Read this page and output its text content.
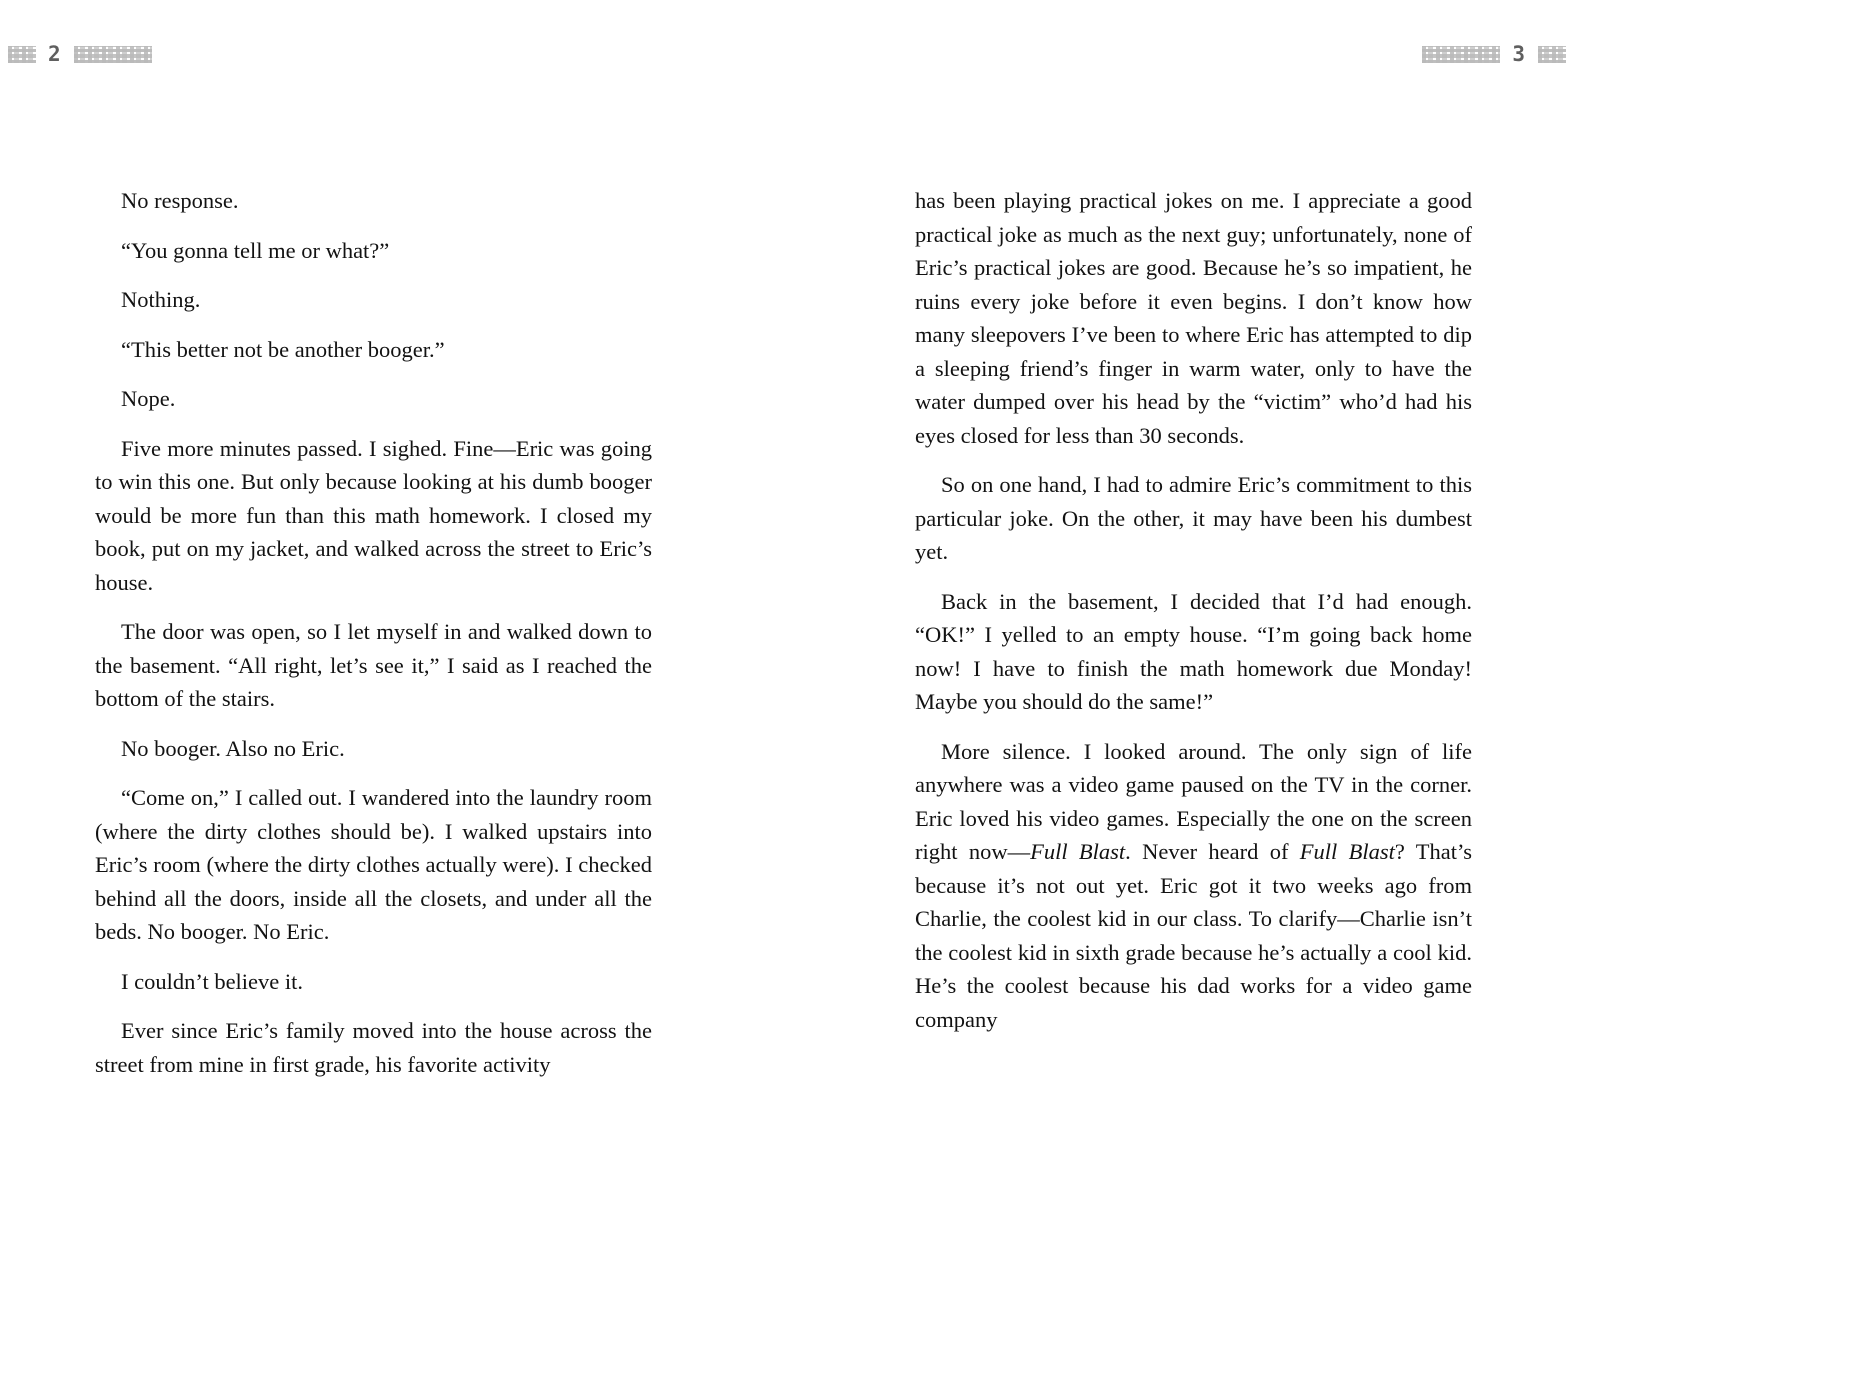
2	3

No response.

“You gonna tell me or what?”

Nothing.

“This better not be another booger.”

Nope.

Five more minutes passed. I sighed. Fine—Eric was going to win this one. But only because looking at his dumb booger would be more fun than this math homework. I closed my book, put on my jacket, and walked across the street to Eric’s house.

The door was open, so I let myself in and walked down to the basement. “All right, let’s see it,” I said as I reached the bottom of the stairs.

No booger. Also no Eric.

“Come on,” I called out. I wandered into the laundry room (where the dirty clothes should be). I walked upstairs into Eric’s room (where the dirty clothes actually were). I checked behind all the doors, inside all the closets, and under all the beds. No booger. No Eric.

I couldn’t believe it.

Ever since Eric’s family moved into the house across the street from mine in first grade, his favorite activity

has been playing practical jokes on me. I appreciate a good practical joke as much as the next guy; unfortunately, none of Eric’s practical jokes are good. Because he’s so impatient, he ruins every joke before it even begins. I don’t know how many sleepovers I’ve been to where Eric has attempted to dip a sleeping friend’s finger in warm water, only to have the water dumped over his head by the “victim” who’d had his eyes closed for less than 30 seconds.

So on one hand, I had to admire Eric’s commitment to this particular joke. On the other, it may have been his dumbest yet.

Back in the basement, I decided that I’d had enough. “OK!” I yelled to an empty house. “I’m going back home now! I have to finish the math homework due Monday! Maybe you should do the same!”

More silence. I looked around. The only sign of life anywhere was a video game paused on the TV in the corner. Eric loved his video games. Especially the one on the screen right now—Full Blast. Never heard of Full Blast? That’s because it’s not out yet. Eric got it two weeks ago from Charlie, the coolest kid in our class. To clarify—Charlie isn’t the coolest kid in sixth grade because he’s actually a cool kid. He’s the coolest because his dad works for a video game company
